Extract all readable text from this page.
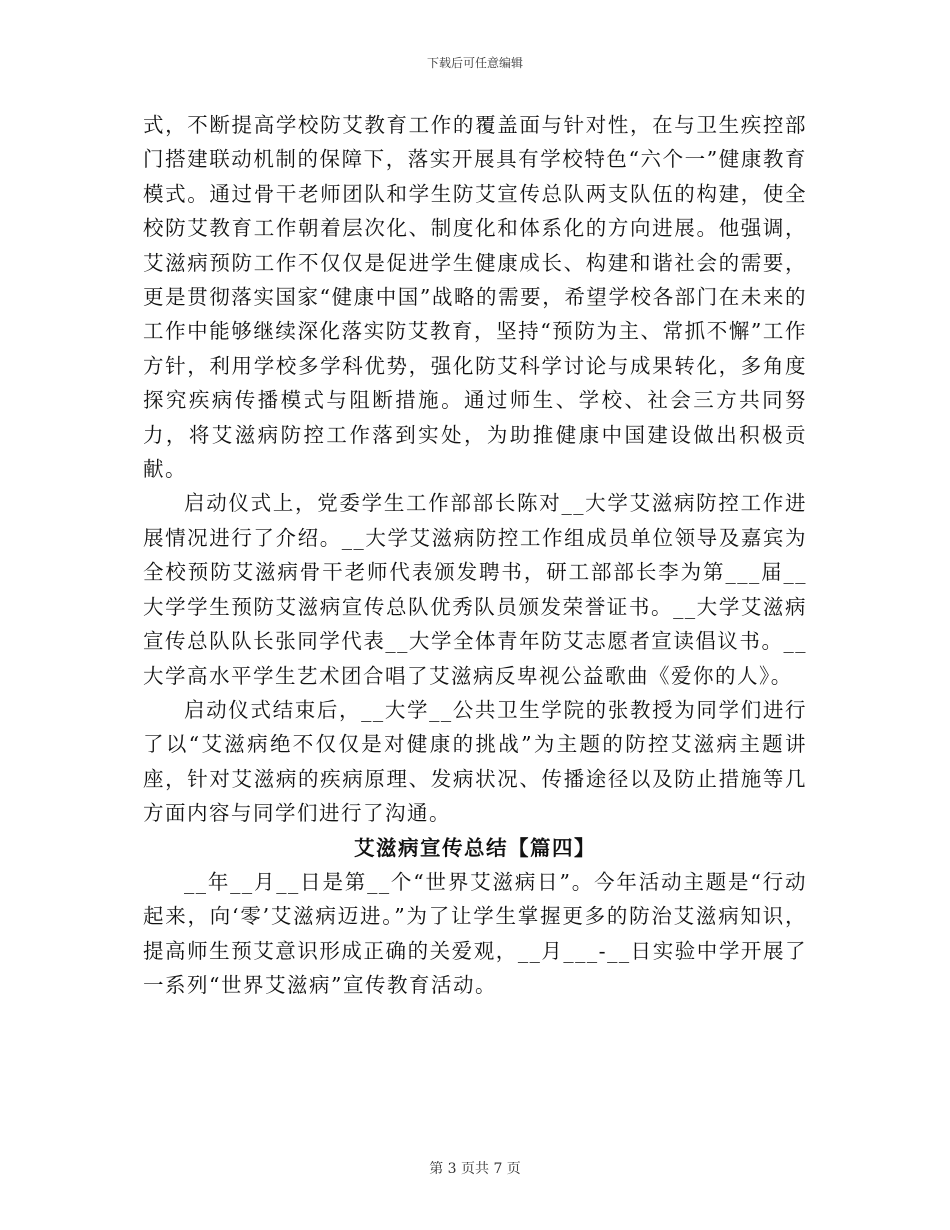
下载后可任意编辑

式，不断提高学校防艾教育工作的覆盖面与针对性，在与卫生疾控部门搭建联动机制的保障下，落实开展具有学校特色“六个一”健康教育模式。通过骨干老师团队和学生防艾宣传总队两支队伍的构建，使全校防艾教育工作朝着层次化、制度化和体系化的方向进展。他强调，艾滋病预防工作不仅仅是促进学生健康成长、构建和谐社会的需要，更是贯彻落实国家“健康中国”战略的需要，希望学校各部门在未来的工作中能够继续深化落实防艾教育，坚持“预防为主、常抓不懈”工作方针，利用学校多学科优势，强化防艾科学讨论与成果转化，多角度探究疾病传播模式与阻断措施。通过师生、学校、社会三方共同努力，将艾滋病防控工作落到实处，为助推健康中国建设做出积极贡献。

启动仪式上，党委学生工作部部长陈对__大学艾滋病防控工作进展情况进行了介绍。__大学艾滋病防控工作组成员单位领导及嘉宾为全校预防艾滋病骨干老师代表颁发聘书，研工部部长李为第___届__大学学生预防艾滋病宣传总队优秀队员颁发荣誉证书。__大学艾滋病宣传总队队长张同学代表__大学全体青年防艾志愿者宣读倡议书。__大学高水平学生艺术团合唱了艾滋病反卑视公益歌曲《爱你的人》。

启动仪式结束后，__大学__公共卫生学院的张教授为同学们进行了以“艾滋病绝不仅仅是对健康的挑战”为主题的防控艾滋病主题讲座，针对艾滋病的疾病原理、发病状况、传播途径以及防止措施等几方面内容与同学们进行了沟通。

艾滋病宣传总结【篇四】

__年__月__日是第__个“世界艾滋病日”。今年活动主题是“行动起来，向‘零’艾滋病迈进。”为了让学生掌握更多的防治艾滋病知识，提高师生预艾意识形成正确的关爱观，__月___-__日实验中学开展了一系列“世界艾滋病”宣传教育活动。

第 3 页共 7 页
